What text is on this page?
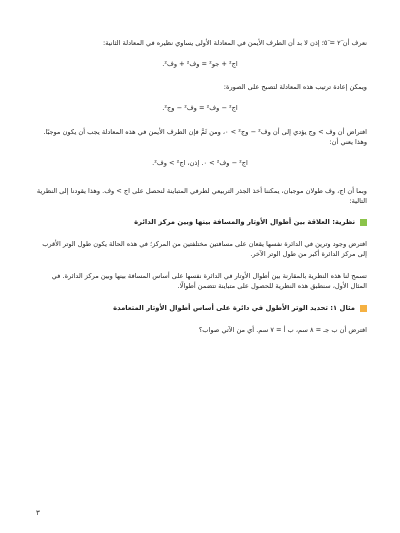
نعرف أن ٢ٓ = ٥ٓ؛ إذن لا بد أن الطرف الأيمن في المعادلة الأولى يساوي نظيره في المعادلة الثانية:

اج² + جو² = وف² + وف².

ويمكن إعادة ترتيب هذه المعادلة لتصبح على الصورة:

اج² − وف² = وف² − وج².

افتراض أن وف > وج يؤدي إلى أن وف² − وج² > ٠، ومن ثَمَّ فإن الطرف الأيمن في هذه المعادلة يجب أن يكون موجبًا. وهذا يعني أن:

اج² − وف² > ٠. إذن، اج² > وف².

وبما أن اج، وف طولان موجبان، يمكننا أخذ الجذر التربيعي لطرفي المتباينة لنحصل على اج > وف. وهذا يقودنا إلى النظرية التالية:

نظرية: العلاقة بين أطوال الأوتار والمسافة بينها وبين مركز الدائرة

افترض وجود وترين في الدائرة نفسها يقعان على مسافتين مختلفتين من المركز؛ في هذه الحالة يكون طول الوتر الأقرب إلى مركز الدائرة أكبر من طول الوتر الآخر.

تسمح لنا هذه النظرية بالمقارنة بين أطوال الأوتار في الدائرة نفسها على أساس المسافة بينها وبين مركز الدائرة. في المثال الأول، سنطبق هذه النظرية للحصول على متباينة تتضمن أطوالًا.

مثال ١: تحديد الوتر الأطول في دائرة على أساس أطوال الأوتار المتعامدة

افترض أن ب جـ = ٨ سم، ب أ = ٧ سم. أي من الآتي صواب؟

٣
